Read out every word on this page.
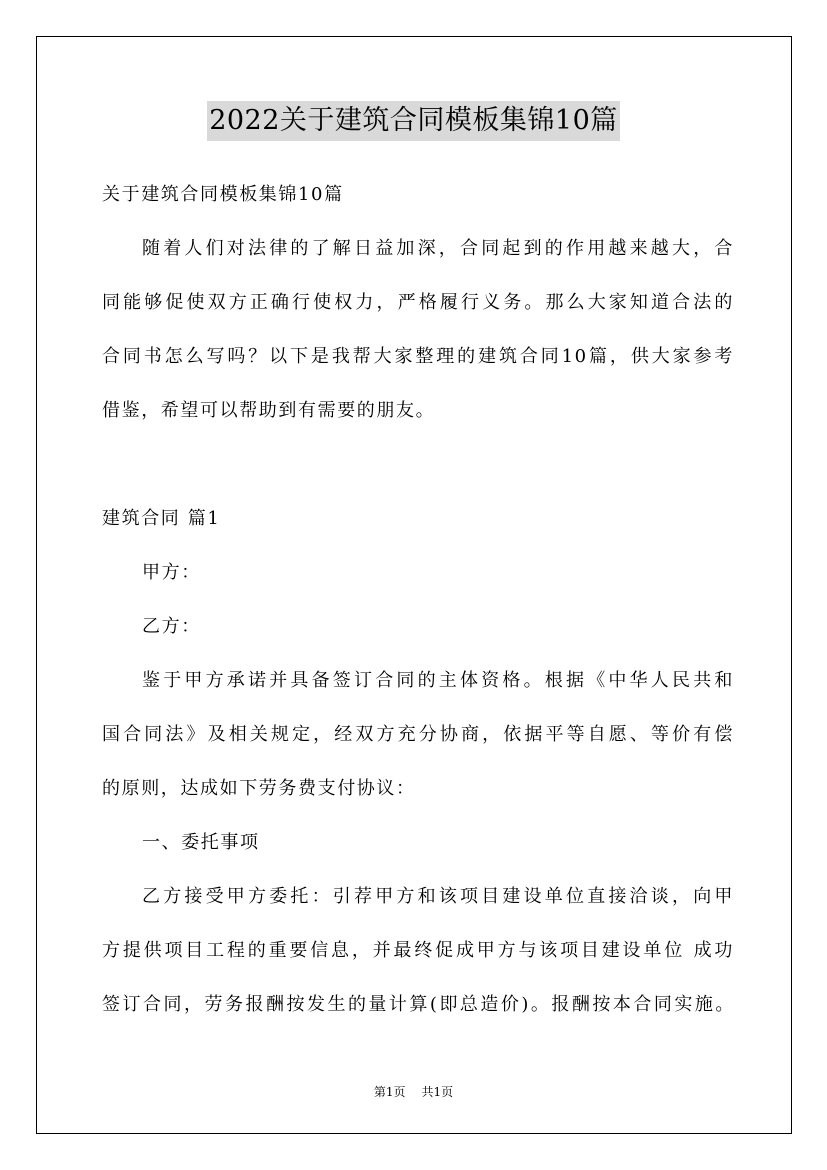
2022关于建筑合同模板集锦10篇
关于建筑合同模板集锦10篇
随着人们对法律的了解日益加深，合同起到的作用越来越大，合
同能够促使双方正确行使权力，严格履行义务。那么大家知道合法的
合同书怎么写吗？以下是我帮大家整理的建筑合同10篇，供大家参考
借鉴，希望可以帮助到有需要的朋友。
建筑合同 篇1
甲方：
乙方：
鉴于甲方承诺并具备签订合同的主体资格。根据《中华人民共和
国合同法》及相关规定，经双方充分协商，依据平等自愿、等价有偿
的原则，达成如下劳务费支付协议：
一、委托事项
乙方接受甲方委托：引荐甲方和该项目建设单位直接洽谈，向甲
方提供项目工程的重要信息，并最终促成甲方与该项目建设单位 成功
签订合同，劳务报酬按发生的量计算(即总造价)。报酬按本合同实施。
第1页 共1页
